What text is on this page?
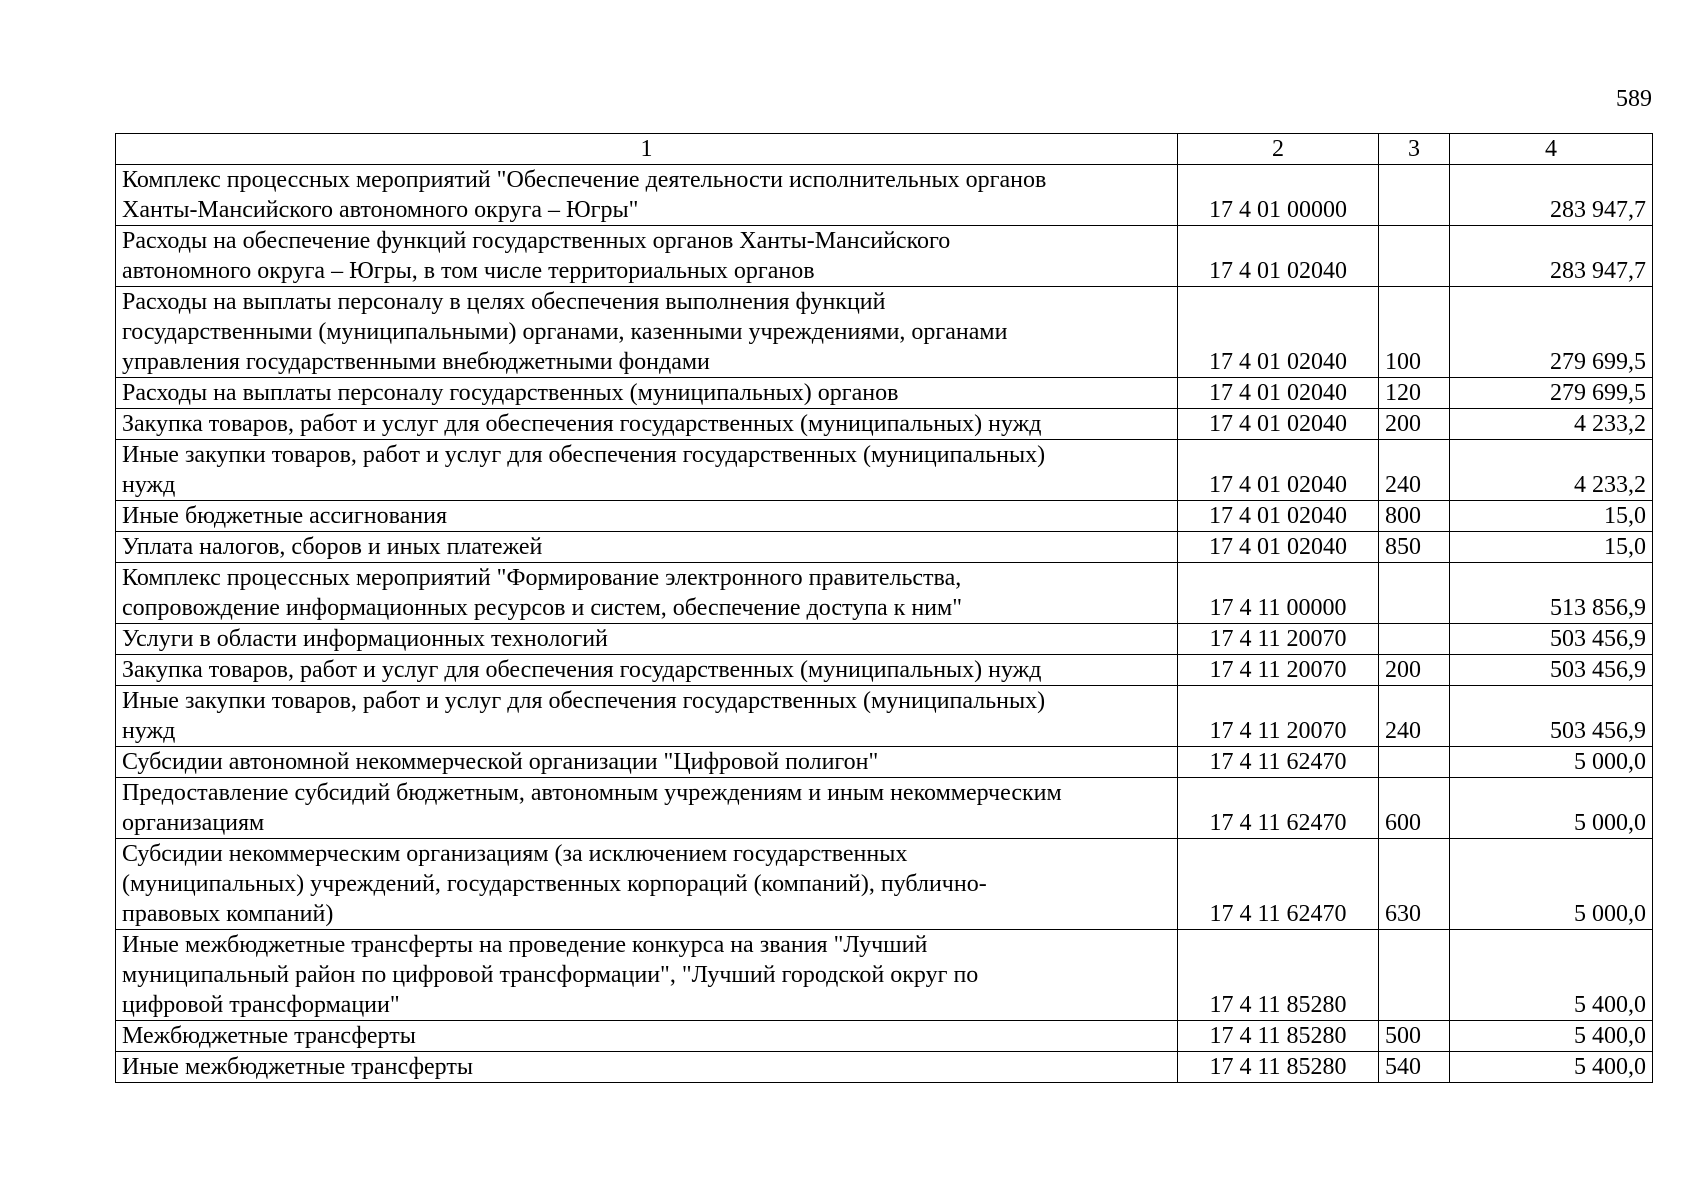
589
1	2	3	4
Комплекс процессных мероприятий "Обеспечение деятельности исполнительных органов
Ханты-Мансийского автономного округа – Югры"	17 4 01 00000		283 947,7
Расходы на обеспечение функций государственных органов Ханты-Мансийского
автономного округа – Югры, в том числе территориальных органов	17 4 01 02040		283 947,7
Расходы на выплаты персоналу в целях обеспечения выполнения функций
государственными (муниципальными) органами, казенными учреждениями, органами
управления государственными внебюджетными фондами	17 4 01 02040	100	279 699,5
Расходы на выплаты персоналу государственных (муниципальных) органов	17 4 01 02040	120	279 699,5
Закупка товаров, работ и услуг для обеспечения государственных (муниципальных) нужд	17 4 01 02040	200	4 233,2
Иные закупки товаров, работ и услуг для обеспечения государственных (муниципальных)
нужд	17 4 01 02040	240	4 233,2
Иные бюджетные ассигнования	17 4 01 02040	800	15,0
Уплата налогов, сборов и иных платежей	17 4 01 02040	850	15,0
Комплекс процессных мероприятий "Формирование электронного правительства,
сопровождение информационных ресурсов и систем, обеспечение доступа к ним"	17 4 11 00000		513 856,9
Услуги в области информационных технологий	17 4 11 20070		503 456,9
Закупка товаров, работ и услуг для обеспечения государственных (муниципальных) нужд	17 4 11 20070	200	503 456,9
Иные закупки товаров, работ и услуг для обеспечения государственных (муниципальных)
нужд	17 4 11 20070	240	503 456,9
Субсидии автономной некоммерческой организации "Цифровой полигон"	17 4 11 62470		5 000,0
Предоставление субсидий бюджетным, автономным учреждениям и иным некоммерческим
организациям	17 4 11 62470	600	5 000,0
Субсидии некоммерческим организациям (за исключением государственных
(муниципальных) учреждений, государственных корпораций (компаний), публично-
правовых компаний)	17 4 11 62470	630	5 000,0
Иные межбюджетные трансферты на проведение конкурса на звания "Лучший
муниципальный район по цифровой трансформации", "Лучший городской округ по
цифровой трансформации"	17 4 11 85280		5 400,0
Межбюджетные трансферты	17 4 11 85280	500	5 400,0
Иные межбюджетные трансферты	17 4 11 85280	540	5 400,0
